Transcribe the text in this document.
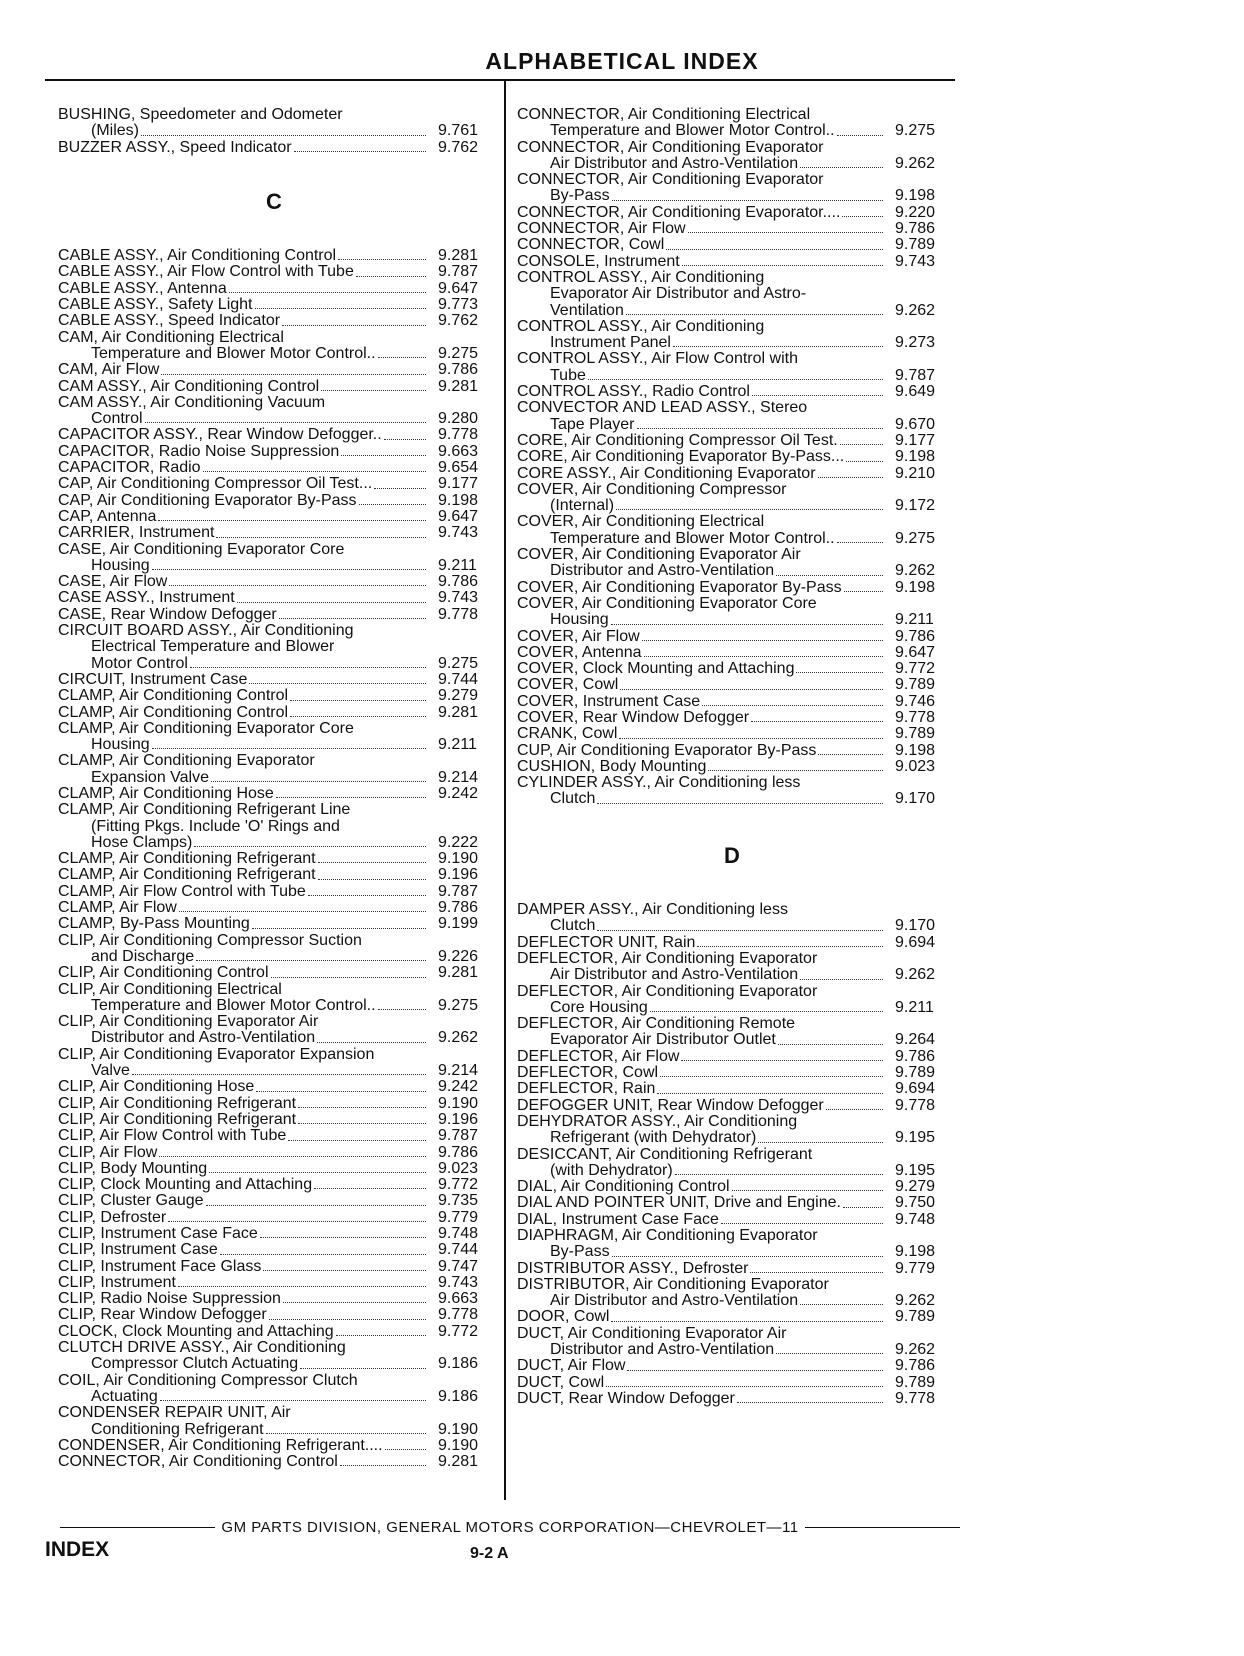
ALPHABETICAL INDEX
BUSHING, Speedometer and Odometer
(Miles)	9.761
BUZZER ASSY., Speed Indicator	9.762
C
CABLE ASSY., Air Conditioning Control	9.281
CABLE ASSY., Air Flow Control with Tube	9.787
CABLE ASSY., Antenna	9.647
CABLE ASSY., Safety Light	9.773
CABLE ASSY., Speed Indicator	9.762
CAM, Air Conditioning Electrical
Temperature and Blower Motor Control..	9.275
CAM, Air Flow	9.786
CAM ASSY., Air Conditioning Control	9.281
CAM ASSY., Air Conditioning Vacuum
Control	9.280
CAPACITOR ASSY., Rear Window Defogger..	9.778
CAPACITOR, Radio Noise Suppression	9.663
CAPACITOR, Radio	9.654
CAP, Air Conditioning Compressor Oil Test...	9.177
CAP, Air Conditioning Evaporator By-Pass	9.198
CAP, Antenna	9.647
CARRIER, Instrument	9.743
CASE, Air Conditioning Evaporator Core
Housing	9.211
CASE, Air Flow	9.786
CASE ASSY., Instrument	9.743
CASE, Rear Window Defogger	9.778
CIRCUIT BOARD ASSY., Air Conditioning
Electrical Temperature and Blower
Motor Control	9.275
CIRCUIT, Instrument Case	9.744
CLAMP, Air Conditioning Control	9.279
CLAMP, Air Conditioning Control	9.281
CLAMP, Air Conditioning Evaporator Core
Housing	9.211
CLAMP, Air Conditioning Evaporator
Expansion Valve	9.214
CLAMP, Air Conditioning Hose	9.242
CLAMP, Air Conditioning Refrigerant Line
(Fitting Pkgs. Include 'O' Rings and
Hose Clamps)	9.222
CLAMP, Air Conditioning Refrigerant	9.190
CLAMP, Air Conditioning Refrigerant	9.196
CLAMP, Air Flow Control with Tube	9.787
CLAMP, Air Flow	9.786
CLAMP, By-Pass Mounting	9.199
CLIP, Air Conditioning Compressor Suction
and Discharge	9.226
CLIP, Air Conditioning Control	9.281
CLIP, Air Conditioning Electrical
Temperature and Blower Motor Control..	9.275
CLIP, Air Conditioning Evaporator Air
Distributor and Astro-Ventilation	9.262
CLIP, Air Conditioning Evaporator Expansion
Valve	9.214
CLIP, Air Conditioning Hose	9.242
CLIP, Air Conditioning Refrigerant	9.190
CLIP, Air Conditioning Refrigerant	9.196
CLIP, Air Flow Control with Tube	9.787
CLIP, Air Flow	9.786
CLIP, Body Mounting	9.023
CLIP, Clock Mounting and Attaching	9.772
CLIP, Cluster Gauge	9.735
CLIP, Defroster	9.779
CLIP, Instrument Case Face	9.748
CLIP, Instrument Case	9.744
CLIP, Instrument Face Glass	9.747
CLIP, Instrument	9.743
CLIP, Radio Noise Suppression	9.663
CLIP, Rear Window Defogger	9.778
CLOCK, Clock Mounting and Attaching	9.772
CLUTCH DRIVE ASSY., Air Conditioning
Compressor Clutch Actuating	9.186
COIL, Air Conditioning Compressor Clutch
Actuating	9.186
CONDENSER REPAIR UNIT, Air
Conditioning Refrigerant	9.190
CONDENSER, Air Conditioning Refrigerant....	9.190
CONNECTOR, Air Conditioning Control	9.281
CONNECTOR, Air Conditioning Electrical
Temperature and Blower Motor Control..	9.275
CONNECTOR, Air Conditioning Evaporator
Air Distributor and Astro-Ventilation	9.262
CONNECTOR, Air Conditioning Evaporator
By-Pass	9.198
CONNECTOR, Air Conditioning Evaporator....	9.220
CONNECTOR, Air Flow	9.786
CONNECTOR, Cowl	9.789
CONSOLE, Instrument	9.743
CONTROL ASSY., Air Conditioning
Evaporator Air Distributor and Astro-
Ventilation	9.262
CONTROL ASSY., Air Conditioning
Instrument Panel	9.273
CONTROL ASSY., Air Flow Control with
Tube	9.787
CONTROL ASSY., Radio Control	9.649
CONVECTOR AND LEAD ASSY., Stereo
Tape Player	9.670
CORE, Air Conditioning Compressor Oil Test.	9.177
CORE, Air Conditioning Evaporator By-Pass...	9.198
CORE ASSY., Air Conditioning Evaporator	9.210
COVER, Air Conditioning Compressor
(Internal)	9.172
COVER, Air Conditioning Electrical
Temperature and Blower Motor Control..	9.275
COVER, Air Conditioning Evaporator Air
Distributor and Astro-Ventilation	9.262
COVER, Air Conditioning Evaporator By-Pass	9.198
COVER, Air Conditioning Evaporator Core
Housing	9.211
COVER, Air Flow	9.786
COVER, Antenna	9.647
COVER, Clock Mounting and Attaching	9.772
COVER, Cowl	9.789
COVER, Instrument Case	9.746
COVER, Rear Window Defogger	9.778
CRANK, Cowl	9.789
CUP, Air Conditioning Evaporator By-Pass	9.198
CUSHION, Body Mounting	9.023
CYLINDER ASSY., Air Conditioning less
Clutch	9.170
D
DAMPER ASSY., Air Conditioning less
Clutch	9.170
DEFLECTOR UNIT, Rain	9.694
DEFLECTOR, Air Conditioning Evaporator
Air Distributor and Astro-Ventilation	9.262
DEFLECTOR, Air Conditioning Evaporator
Core Housing	9.211
DEFLECTOR, Air Conditioning Remote
Evaporator Air Distributor Outlet	9.264
DEFLECTOR, Air Flow	9.786
DEFLECTOR, Cowl	9.789
DEFLECTOR, Rain	9.694
DEFOGGER UNIT, Rear Window Defogger	9.778
DEHYDRATOR ASSY., Air Conditioning
Refrigerant (with Dehydrator)	9.195
DESICCANT, Air Conditioning Refrigerant
(with Dehydrator)	9.195
DIAL, Air Conditioning Control	9.279
DIAL AND POINTER UNIT, Drive and Engine.	9.750
DIAL, Instrument Case Face	9.748
DIAPHRAGM, Air Conditioning Evaporator
By-Pass	9.198
DISTRIBUTOR ASSY., Defroster	9.779
DISTRIBUTOR, Air Conditioning Evaporator
Air Distributor and Astro-Ventilation	9.262
DOOR, Cowl	9.789
DUCT, Air Conditioning Evaporator Air
Distributor and Astro-Ventilation	9.262
DUCT, Air Flow	9.786
DUCT, Cowl	9.789
DUCT, Rear Window Defogger	9.778
GM PARTS DIVISION, GENERAL MOTORS CORPORATION—CHEVROLET—11
INDEX	9-2 A
